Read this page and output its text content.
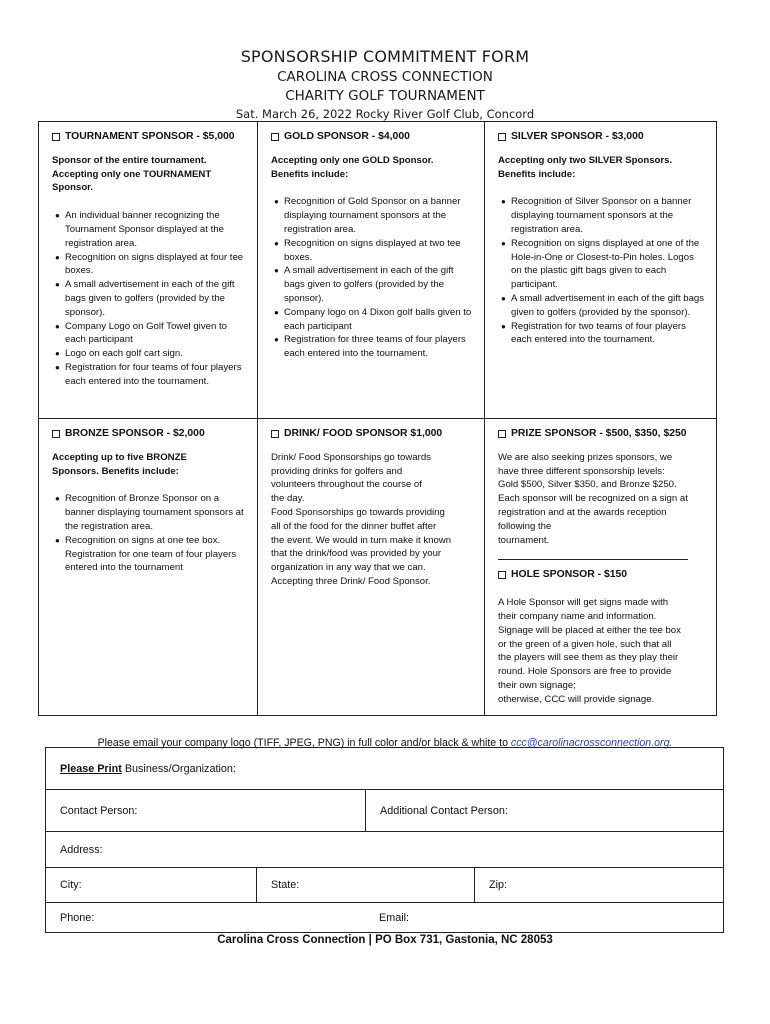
SPONSORSHIP COMMITMENT FORM
CAROLINA CROSS CONNECTION
CHARITY GOLF TOURNAMENT
Sat. March 26, 2022 Rocky River Golf Club, Concord
TOURNAMENT SPONSOR - $5,000
Sponsor of the entire tournament.
Accepting only one TOURNAMENT
Sponsor.
● An individual banner recognizing the Tournament Sponsor displayed at the registration area.
● Recognition on signs displayed at four tee boxes.
● A small advertisement in each of the gift bags given to golfers (provided by the sponsor).
● Company Logo on Golf Towel given to each participant
● Logo on each golf cart sign.
● Registration for four teams of four players each entered into the tournament.
GOLD SPONSOR - $4,000
Accepting only one GOLD Sponsor.
Benefits include:
● Recognition of Gold Sponsor on a banner displaying tournament sponsors at the registration area.
● Recognition on signs displayed at two tee boxes.
● A small advertisement in each of the gift bags given to golfers (provided by the sponsor).
● Company logo on 4 Dixon golf balls given to each participant
● Registration for three teams of four players each entered into the tournament.
SILVER SPONSOR - $3,000
Accepting only two SILVER Sponsors.
Benefits include:
● Recognition of Silver Sponsor on a banner displaying tournament sponsors at the registration area.
● Recognition on signs displayed at one of the Hole-in-One or Closest-to-Pin holes. Logos on the plastic gift bags given to each participant.
● A small advertisement in each of the gift bags given to golfers (provided by the sponsor).
● Registration for two teams of four players each entered into the tournament.
BRONZE SPONSOR - $2,000
Accepting up to five BRONZE
Sponsors. Benefits include:
● Recognition of Bronze Sponsor on a banner displaying tournament sponsors at the registration area.
● Recognition on signs at one tee box. Registration for one team of four players entered into the tournament
DRINK/ FOOD SPONSOR $1,000

Drink/ Food Sponsorships go towards

providing drinks for golfers and

volunteers throughout the course of

the day.

Food Sponsorships go towards providing

all of the food for the dinner buffet after

the event. We would in turn make it known

that the drink/food was provided by your

organization in any way that we can.

Accepting three Drink/ Food Sponsor.

PRIZE SPONSOR - $500, $350, $250

We are also seeking prizes sponsors, we

have three different sponsorship levels:

Gold $500, Silver $350, and Bronze $250.

Each sponsor will be recognized on a sign at

registration and at the awards reception

following the

tournament.

HOLE SPONSOR - $150

A Hole Sponsor will get signs made with

their company name and information.

Signage will be placed at either the tee box

or the green of a given hole, such that all

the players will see them as they play their

round. Hole Sponsors are free to provide

their own signage;

otherwise, CCC will provide signage.

Please email your company logo (TIFF, JPEG, PNG) in full color and/or black & white to ccc@carolinacrossconnection.org.
Please Print
Business/Organization:
Contact Person:	Additional Contact Person:
Address:
City:	State:	Zip:
Phone:	Email:
Carolina Cross Connection | PO Box 731, Gastonia, NC 28053
